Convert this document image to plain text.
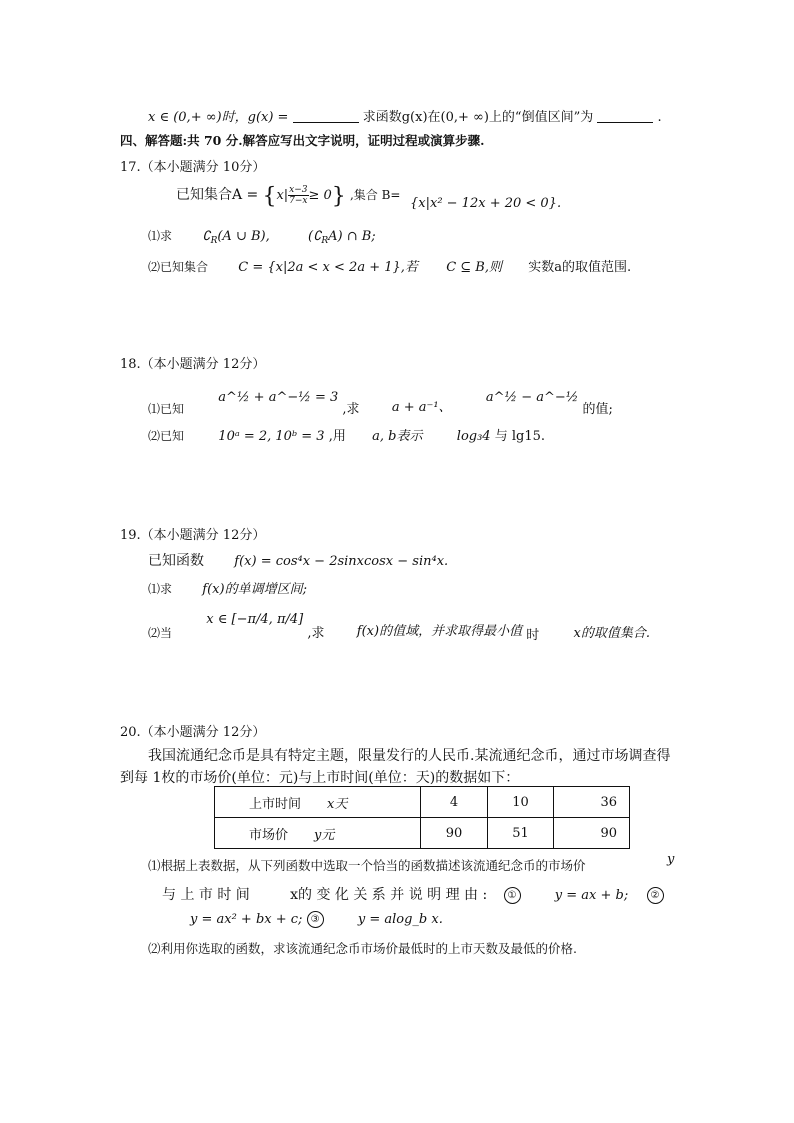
x ∈ (0,+ ∞)时，g(x) =	求函数g(x)在(0,+ ∞)上的“倒值区间”为	.
四、解答题:共 70 分.解答应写出文字说明，证明过程或演算步骤.
17.（本小题满分 10分）
已知集合$A = \{x| \frac{x-3}{7-x} \ge 0\}$ ,集合 B=
{x|x² − 12x + 20 < 0}.
⑴求 $∁_R(A$ ∪ B),	$(∁_RA)$ ∩ B;
⑵已知集合 C = {x|2a < x < 2a + 1},若 C ⊆ B,则 实数a的取值范围.
18.（本小题满分 12分）
⑴已知  a^½ + a^−½ = 3 ,求 a + a⁻¹、  a^½ − a^−½ 的值;
⑵已知	10ᵃ = 2, 10ᵇ = 3 ,用 a, b表示	log₃4 与 lg15.
19.（本小题满分 12分）
已知函数 f(x) = cos⁴x − 2sinxcosx − sin⁴x.
⑴求 f(x)的单调增区间;
⑵当  x ∈ [−π/4, π/4] ,求 f(x)的值域，并求取得最小值 时	x的取值集合.
20.（本小题满分 12分）
我国流通纪念币是具有特定主题，限量发行的人民币.某流通纪念币，通过市场调查得
到每 1枚的市场价(单位：元)与上市时间(单位：天)的数据如下：
上市时间 x天	4	10	36
市场价 y元	90	51	90
⑴根据上表数据，从下列函数中选取一个恰当的函数描述该流通纪念币的市场价	y
与 上 市 时 间	x的 变 化 关 系 并 说 明 理 由 : ①	y = ax + b; ②
y = ax² + bx + c; ③	y = alog_b x.
⑵利用你选取的函数，求该流通纪念币市场价最低时的上市天数及最低的价格.
